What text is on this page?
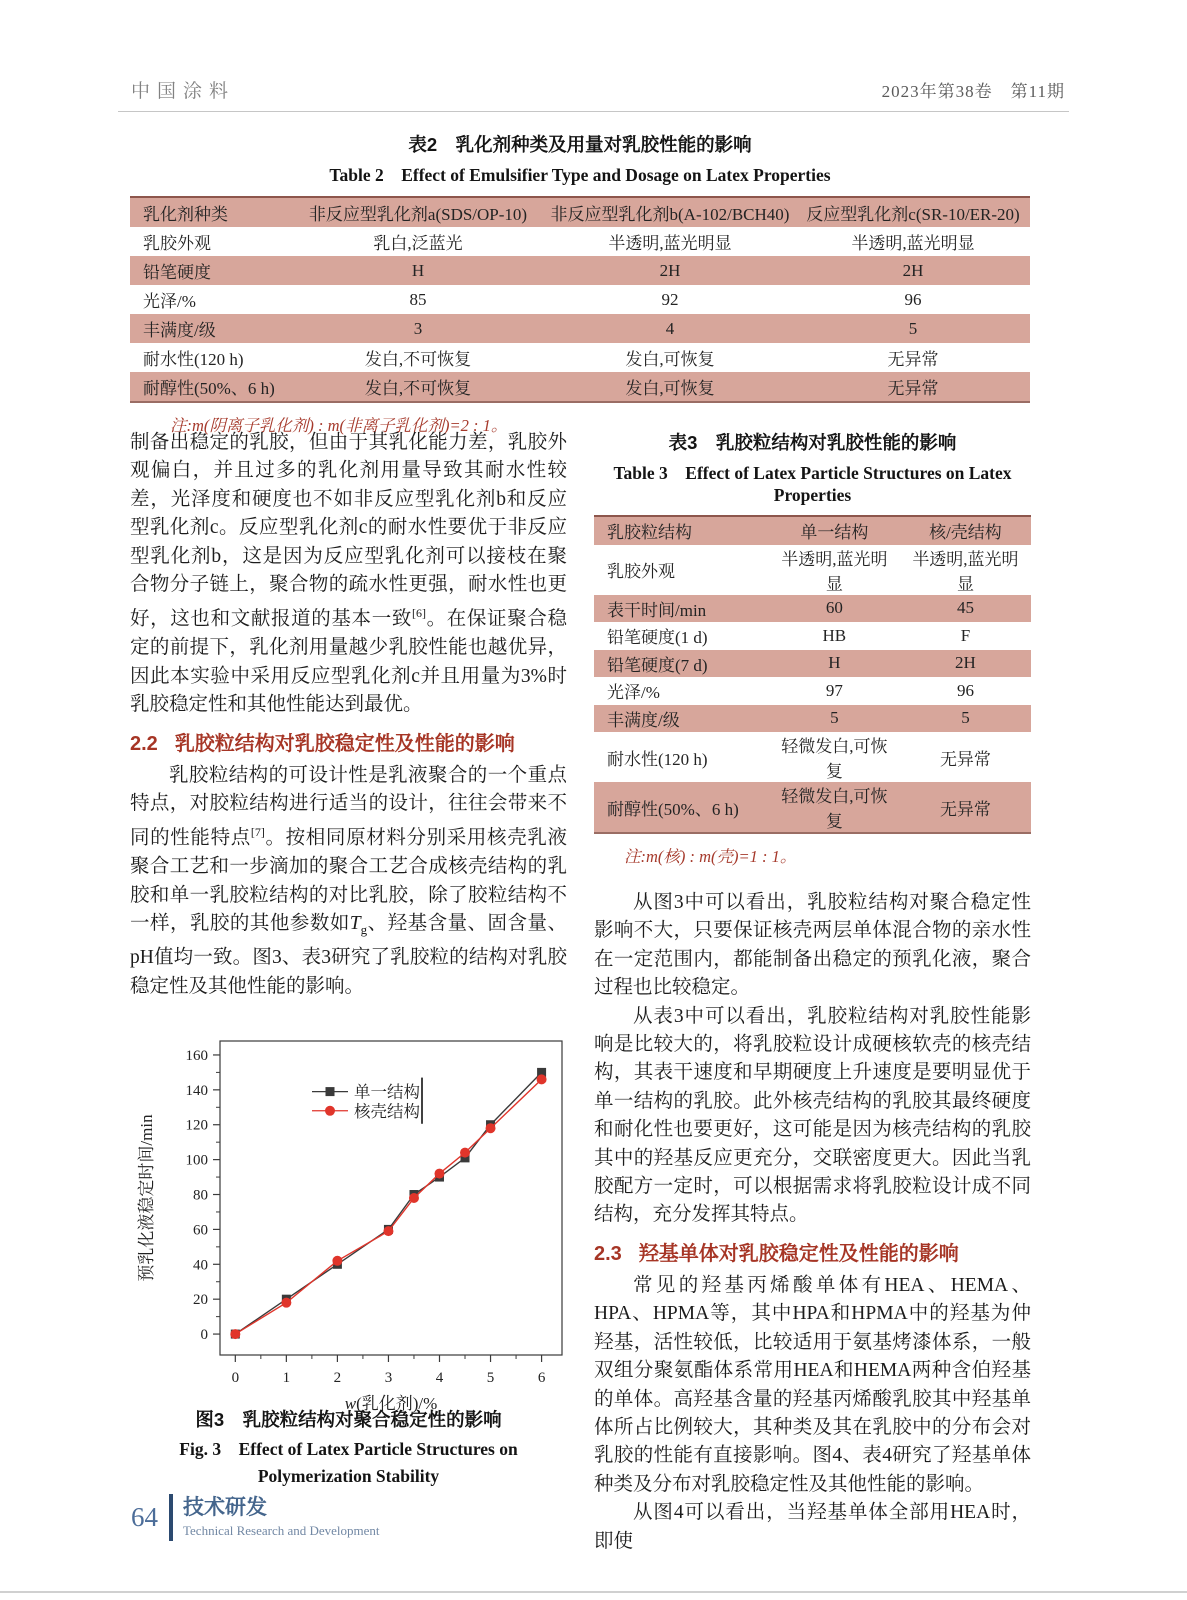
中国涂料	2023年第38卷　第11期
表2　乳化剂种类及用量对乳胶性能的影响
Table 2　Effect of Emulsifier Type and Dosage on Latex Properties
乳化剂种类	非反应型乳化剂a(SDS/OP-10)	非反应型乳化剂b(A-102/BCH40)	反应型乳化剂c(SR-10/ER-20)
乳胶外观	乳白,泛蓝光	半透明,蓝光明显	半透明,蓝光明显
铅笔硬度	H	2H	2H
光泽/%	85	92	96
丰满度/级	3	4	5
耐水性(120 h)	发白,不可恢复	发白,可恢复	无异常
耐醇性(50%、6 h)	发白,不可恢复	发白,可恢复	无异常
注:m(阴离子乳化剂) : m(非离子乳化剂)=2 : 1。

制备出稳定的乳胶，但由于其乳化能力差，乳胶外观偏白，并且过多的乳化剂用量导致其耐水性较差，光泽度和硬度也不如非反应型乳化剂b和反应型乳化剂c。反应型乳化剂c的耐水性要优于非反应型乳化剂b，这是因为反应型乳化剂可以接枝在聚合物分子链上，聚合物的疏水性更强，耐水性也更好，这也和文献报道的基本一致[6]。在保证聚合稳定的前提下，乳化剂用量越少乳胶性能也越优异，因此本实验中采用反应型乳化剂c并且用量为3%时乳胶稳定性和其他性能达到最优。

2.2 乳胶粒结构对乳胶稳定性及性能的影响

乳胶粒结构的可设计性是乳液聚合的一个重点特点，对胶粒结构进行适当的设计，往往会带来不同的性能特点[7]。按相同原材料分别采用核壳乳液聚合工艺和一步滴加的聚合工艺合成核壳结构的乳胶和单一乳胶粒结构的对比乳胶，除了胶粒结构不一样，乳胶的其他参数如$T_g$、羟基含量、固含量、pH值均一致。图3、表3研究了乳胶粒的结构对乳胶稳定性及其他性能的影响。

0
20
40
60
80
100
120
140
160
0	1	2	3	4	5	6
w(乳化剂)/%
预乳化液稳定时间/min
单一结构
核壳结构
图3　乳胶粒结构对聚合稳定性的影响
Fig. 3　Effect of Latex Particle Structures on
Polymerization Stability
表3　乳胶粒结构对乳胶性能的影响
Table 3　Effect of Latex Particle Structures on Latex
Properties
乳胶粒结构	单一结构	核/壳结构
乳胶外观	半透明,蓝光明显	半透明,蓝光明显
表干时间/min	60	45
铅笔硬度(1 d)	HB	F
铅笔硬度(7 d)	H	2H
光泽/%	97	96
丰满度/级	5	5
耐水性(120 h)	轻微发白,可恢复	无异常
耐醇性(50%、6 h)	轻微发白,可恢复	无异常
注:m(核) : m(壳)=1 : 1。

从图3中可以看出，乳胶粒结构对聚合稳定性影响不大，只要保证核壳两层单体混合物的亲水性在一定范围内，都能制备出稳定的预乳化液，聚合过程也比较稳定。

从表3中可以看出，乳胶粒结构对乳胶性能影响是比较大的，将乳胶粒设计成硬核软壳的核壳结构，其表干速度和早期硬度上升速度是要明显优于单一结构的乳胶。此外核壳结构的乳胶其最终硬度和耐化性也要更好，这可能是因为核壳结构的乳胶其中的羟基反应更充分，交联密度更大。因此当乳胶配方一定时，可以根据需求将乳胶粒设计成不同结构，充分发挥其特点。

2.3 羟基单体对乳胶稳定性及性能的影响

常见的羟基丙烯酸单体有HEA、HEMA、HPA、HPMA等，其中HPA和HPMA中的羟基为仲羟基，活性较低，比较适用于氨基烤漆体系，一般双组分聚氨酯体系常用HEA和HEMA两种含伯羟基的单体。高羟基含量的羟基丙烯酸乳胶其中羟基单体所占比例较大，其种类及其在乳胶中的分布会对乳胶的性能有直接影响。图4、表4研究了羟基单体种类及分布对乳胶稳定性及其他性能的影响。

从图4可以看出，当羟基单体全部用HEA时，即使

64 技术研发
Technical Research and Development
